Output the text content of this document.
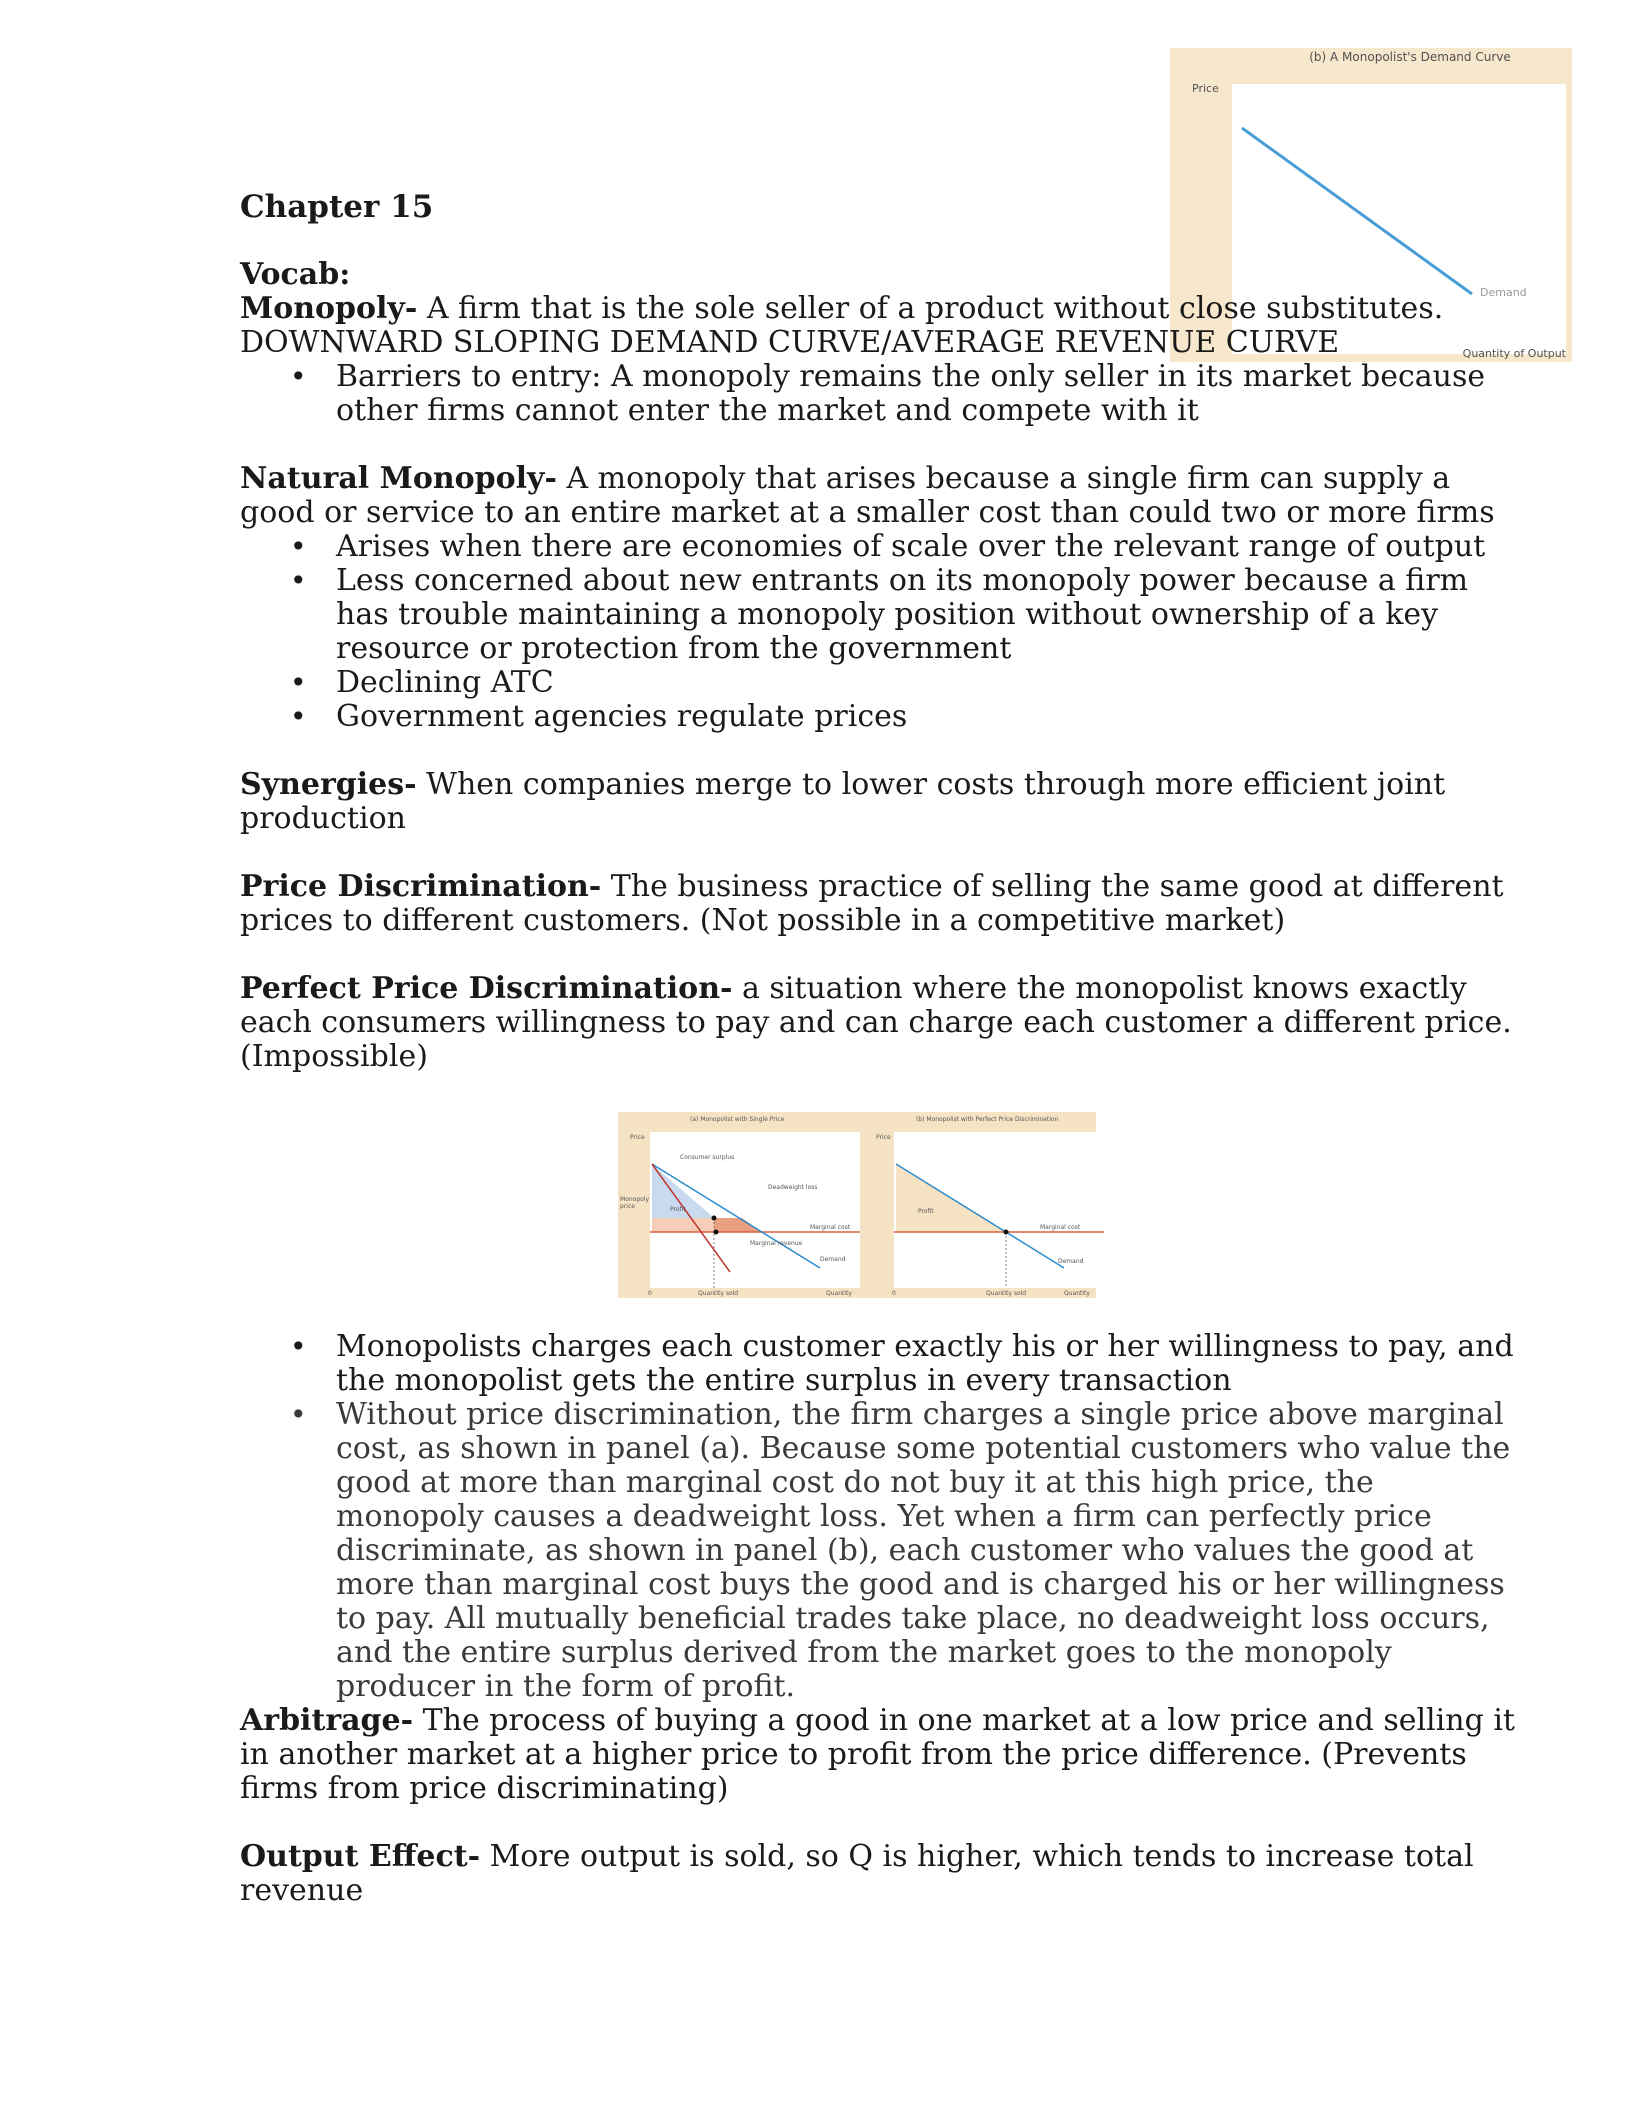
(b) A Monopolist's Demand Curve
Price
Demand
Quantity of Output

Chapter 15

Vocab:

Monopoly- A firm that is the sole seller of a product without close substitutes.

DOWNWARD SLOPING DEMAND CURVE/AVERAGE REVENUE CURVE

• Barriers to entry: A monopoly remains the only seller in its market because other firms cannot enter the market and compete with it

Natural Monopoly- A monopoly that arises because a single firm can supply a good or service to an entire market at a smaller cost than could two or more firms

• Arises when there are economies of scale over the relevant range of output
• Less concerned about new entrants on its monopoly power because a firm has trouble maintaining a monopoly position without ownership of a key resource or protection from the government
• Declining ATC
• Government agencies regulate prices

Synergies- When companies merge to lower costs through more efficient joint production

Price Discrimination- The business practice of selling the same good at different prices to different customers. (Not possible in a competitive market)

Perfect Price Discrimination- a situation where the monopolist knows exactly each consumers willingness to pay and can charge each customer a different price. (Impossible)

• Monopolists charges each customer exactly his or her willingness to pay, and the monopolist gets the entire surplus in every transaction
• Without price discrimination, the firm charges a single price above marginal cost, as shown in panel (a). Because some potential customers who value the good at more than marginal cost do not buy it at this high price, the monopoly causes a deadweight loss. Yet when a firm can perfectly price discriminate, as shown in panel (b), each customer who values the good at more than marginal cost buys the good and is charged his or her willingness to pay. All mutually beneficial trades take place, no deadweight loss occurs, and the entire surplus derived from the market goes to the monopoly producer in the form of profit.

Arbitrage- The process of buying a good in one market at a low price and selling it in another market at a higher price to profit from the price difference. (Prevents firms from price discriminating)

Output Effect- More output is sold, so Q is higher, which tends to increase total revenue

(a) Monopolist with Single Price	(b) Monopolist with Perfect Price Discrimination
Price	Price
Monopoly price
Consumer surplus
Deadweight loss
Profit
Marginal cost
Marginal revenue
Demand
Profit
Marginal cost
Demand
0	Quantity sold	Quantity	0	Quantity sold	Quantity
